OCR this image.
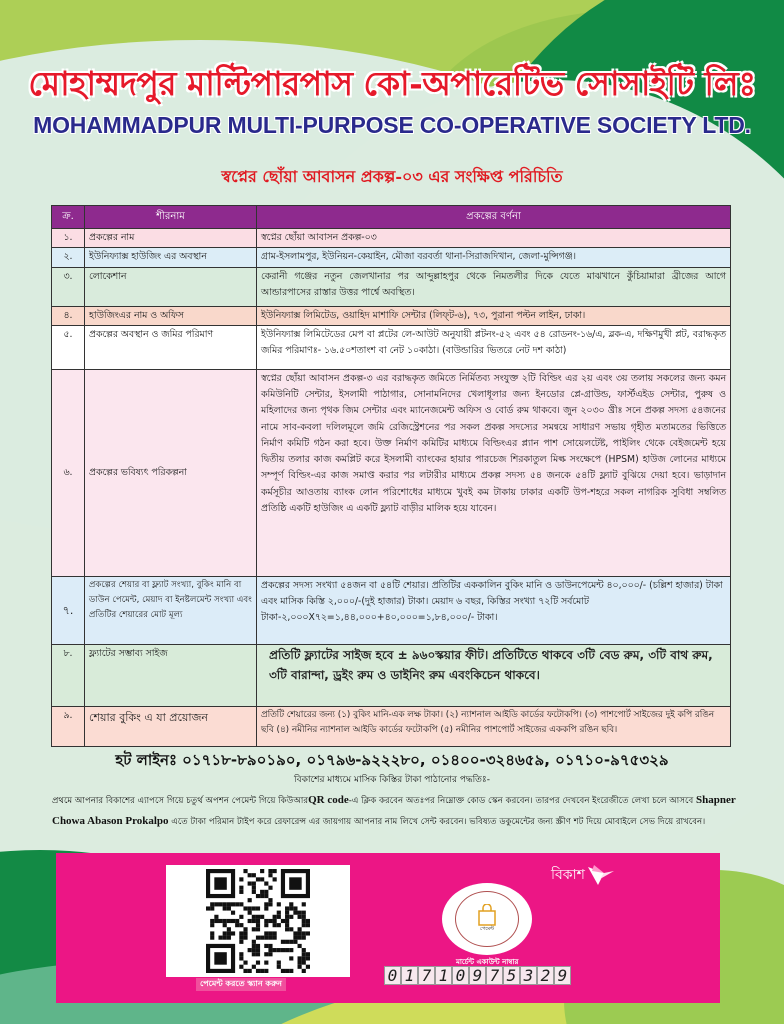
মোহাম্মদপুর মাল্টিপারপাস কো-অপারেটিভ সোসাইটি লিঃ
MOHAMMADPUR MULTI-PURPOSE CO-OPERATIVE SOCIETY LTD.
স্বপ্নের ছোঁয়া আবাসন প্রকল্প-০৩ এর সংক্ষিপ্ত পরিচিতি
ক্র.	শীরনাম	প্রকল্পের বর্ণনা
১.	প্রকল্পের নাম	স্বপ্নের ছোঁয়া আবাসন প্রকল্প-০৩
২.	ইউনিফ্যাক্স হাউজিং এর অবস্থান	গ্রাম-ইসলামপুর, ইউনিয়ন-কেয়াইন, মৌজা বরবর্তা থানা-সিরাজদিখান, জেলা-মুন্সিগঞ্জ।
৩.	লোকেশান	কেরানী গঞ্জের নতুন জেলখানার পর আব্দুল্লাহপুর থেকে নিমতলীর দিকে যেতে মাঝখানে কুঁচিয়ামারা ব্রীজের আগে আন্ডারপাসের রাস্তার উত্তর পার্শ্বে অবস্থিত।
৪.	হাউজিংএর নাম ও অফিস	ইউনিফ্যাক্স লিমিটেড, ওয়াহিদ মাশাফি সেন্টার (লিফ্‌ট-৬), ৭৩, পুরানা পল্টন লাইন, ঢাকা।
৫.	প্রকল্পের অবস্থান ও জমির পরিমাণ	ইউনিফ্যাক্স লিমিটেডের মেপ বা প্লটের লে-আউট অনুযায়ী প্লটনং-৫২ এবং ৫৪ রোডনং-১৬/এ, ব্লক-এ, দক্ষিণমুখী প্লট, বরাদ্ধকৃত জমির পরিমাণঃ- ১৬.৫০শতাংশ বা নেট ১০কাঠা। (বাউন্ডারির ভিতরে নেট দশ কাঠা)
৬.	প্রকল্পের ভবিষ্যৎ পরিকল্পনা	স্বপ্নের ছোঁয়া আবাসন প্রকল্প-৩ এর বরাদ্ধকৃত জমিতে নির্মিতব্য সংযুক্ত ২টি বিল্ডিং এর ২য় এবং ৩য় তলায় সকলের জন্য কমন কমিউনিটি সেন্টার, ইসলামী পাঠাগার, সোনামনিদের খেলাধূলার জন্য ইনডোর প্লে-গ্রাউন্ড, ফার্স্টএইড সেন্টার, পুরুষ ও মহিলাদের জন্য পৃথক জিম সেন্টার এবং ম্যানেজমেন্ট অফিস ও বোর্ড রুম থাকবে। জুন ২০৩০ খ্রীঃ সনে প্রকল্প সদস্য ৫৪জনের নামে সাব-কবলা দলিলমূলে জমি রেজিস্ট্রেশনের পর সকল প্রকল্প সদস্যের সমন্বয়ে সাধারণ সভায় গৃহীত মতামতের ভিত্তিতে নির্মাণ কমিটি গঠন করা হবে। উক্ত নির্মাণ কমিটির মাধ্যমে বিল্ডিংএর প্ল্যান পাশ সোয়েলটেষ্ট, পাইলিং থেকে বেইজমেন্ট হয়ে দ্বিতীয় তলার কাজ কমপ্লিট করে ইসলামী ব্যাংকের হায়ার পারচেজ শিরকাতুল মিল্ক সংক্ষেপে (HPSM) হাউজ লোনের মাধ্যমে সম্পূর্ণ বিল্ডিং-এর কাজ সমাপ্ত করার পর লটারীর মাধ্যমে প্রকল্প সদস্য ৫৪ জনকে ৫৪টি ফ্ল্যাট বুঝিয়ে দেয়া হবে। ভাড়াদান কর্মসূচীর আওতায় ব্যাংক লোন পরিশোধের মাধ্যমে খুবই কম টাকায় ঢাকার একটি উপ-শহরে সকল নাগরিক সুবিধা সম্বলিত প্রতিষ্ঠি একটি হাউজিং এ একটি ফ্ল্যাট বাড়ীর মালিক হয়ে যাবেন।
৭.	প্রকল্পের শেয়ার বা ফ্ল্যাট সংখ্যা, বুকিং মানি বা ডাউন পেমেন্ট, মেয়াদ বা ইনষ্টলমেন্ট সংখ্যা এবং প্রতিটির শেয়ারের মোট মূল্য	প্রকল্পের সদস্য সংখ্যা ৫৪জন বা ৫৪টি শেয়ার। প্রতিটির এককালিন বুকিং মানি ও ডাউনপেমেন্ট ৪০,০০০/- (চল্লিশ হাজার) টাকা এবং মাসিক কিস্তি ২,০০০/-(দুই হাজার) টাকা। মেয়াদ ৬ বছর, কিস্তির সংখ্যা ৭২টি সর্বমোট টাকা-২,০০০X৭২=১,৪৪,০০০+৪০,০০০=১,৮৪,০০০/- টাকা।
৮.	ফ্ল্যাটের সম্ভাব্য সাইজ	প্রতিটি ফ্ল্যাটের সাইজ হবে ± ৯৬০স্কয়ার ফীট। প্রতিটিতে থাকবে ৩টি বেড রুম, ৩টি বাথ রুম, ৩টি বারান্দা, ড্রইং রুম ও ডাইনিং রুম এবংকিচেন থাকবে।
৯.	শেয়ার বুকিং এ যা প্রয়োজন	প্রতিটি শেয়ারের জন্য (১) বুকিং মানি-এক লক্ষ টাকা। (২) ন্যাশনাল আইডি কার্ডের ফটোকপি। (৩) পাশপোর্ট সাইজের দুই কপি রঙিন ছবি (৪) নমীনির ন্যাশনাল আইডি কার্ডের ফটোকপি (৫) নমীনির পাশপোর্ট সাইজের এককপি রঙিন ছবি।
হট লাইনঃ ০১৭১৮-৮৯০১৯০, ০১৭৯৬-৯২২২৮০, ০১৪০০-৩২৪৬৫৯, ০১৭১০-৯৭৫৩২৯
বিকাশের মাধ্যমে মাসিক কিস্তির টাকা পাঠানোর পদ্ধতিঃ-
প্রথমে আপনার বিকাশের এ্যাপসে গিয়ে চতুর্থ অপশন পেমেন্ট গিয়ে কিউআরQR code-এ ক্লিক করবেন অতঃপর নিম্নোক্ত কোড স্কেন করবেন। তারপর দেখবেন ইংরেজীতে লেখা চলে আসবে Shapner Chowa Abason Prokalpo এতে টাকা পরিমান টাইপ করে রেফারেন্স এর জায়গায় আপনার নাম লিখে সেন্ট করবেন। ভবিষ্যত ডকুমেন্টের জন্য স্ক্রীণ শট দিয়ে মোবাইলে সেভ দিয়ে রাখবেন।
পেমেন্ট করতে স্ক্যান করুন
বিকাশ
পেমেন্ট
মার্চেন্ট একাউন্ট নাম্বার
0 1 7 1 0 9 7 5 3 2 9
